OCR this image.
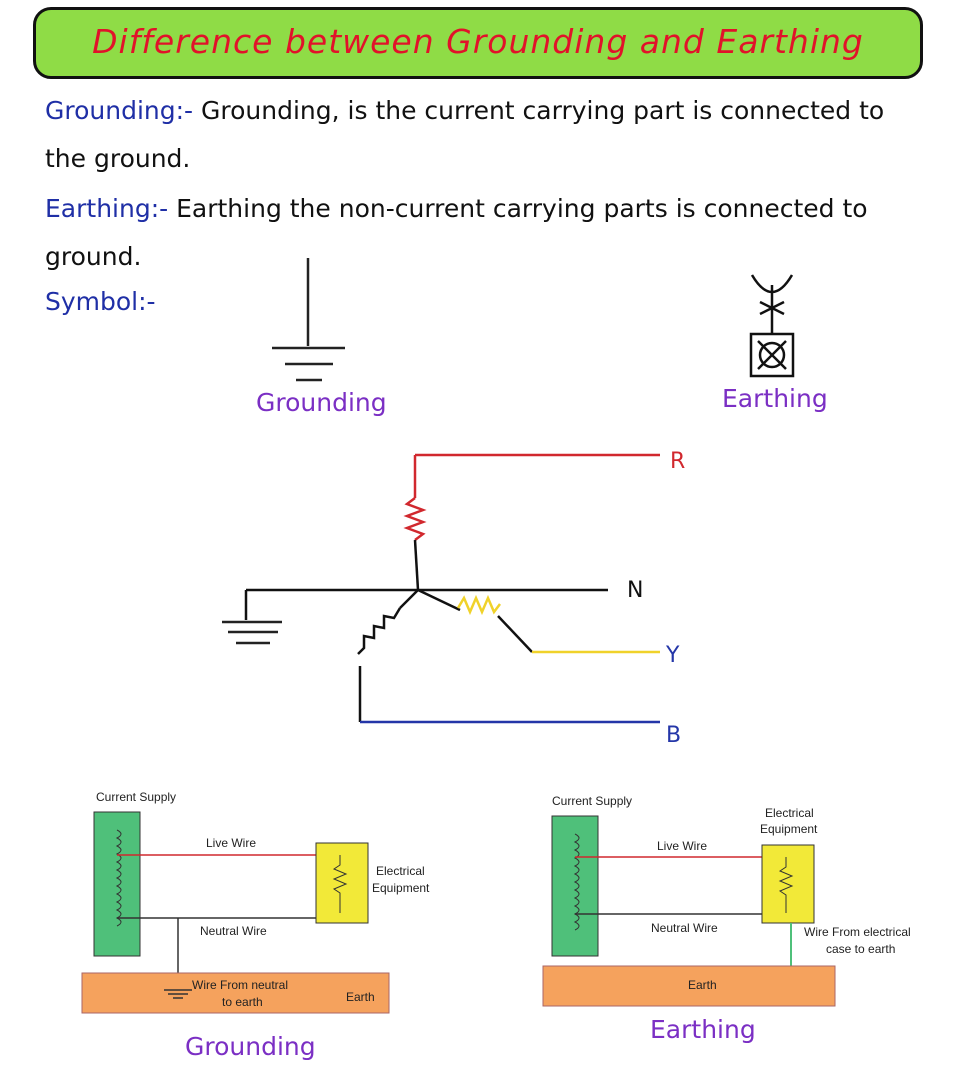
Difference between Grounding and Earthing
Grounding:- Grounding, is the current carrying part is connected to the ground.
Earthing:- Earthing the non-current carrying parts is connected to ground.
Symbol:-
Grounding	Earthing
R
N
Y
B
Current Supply
Live Wire
Neutral Wire
Electrical
Equipment
Wire From neutral
to earth	Earth
Current Supply
Live Wire
Neutral Wire
Electrical
Equipment
Wire From electrical
case to earth
Earth
Grounding
Earthing
